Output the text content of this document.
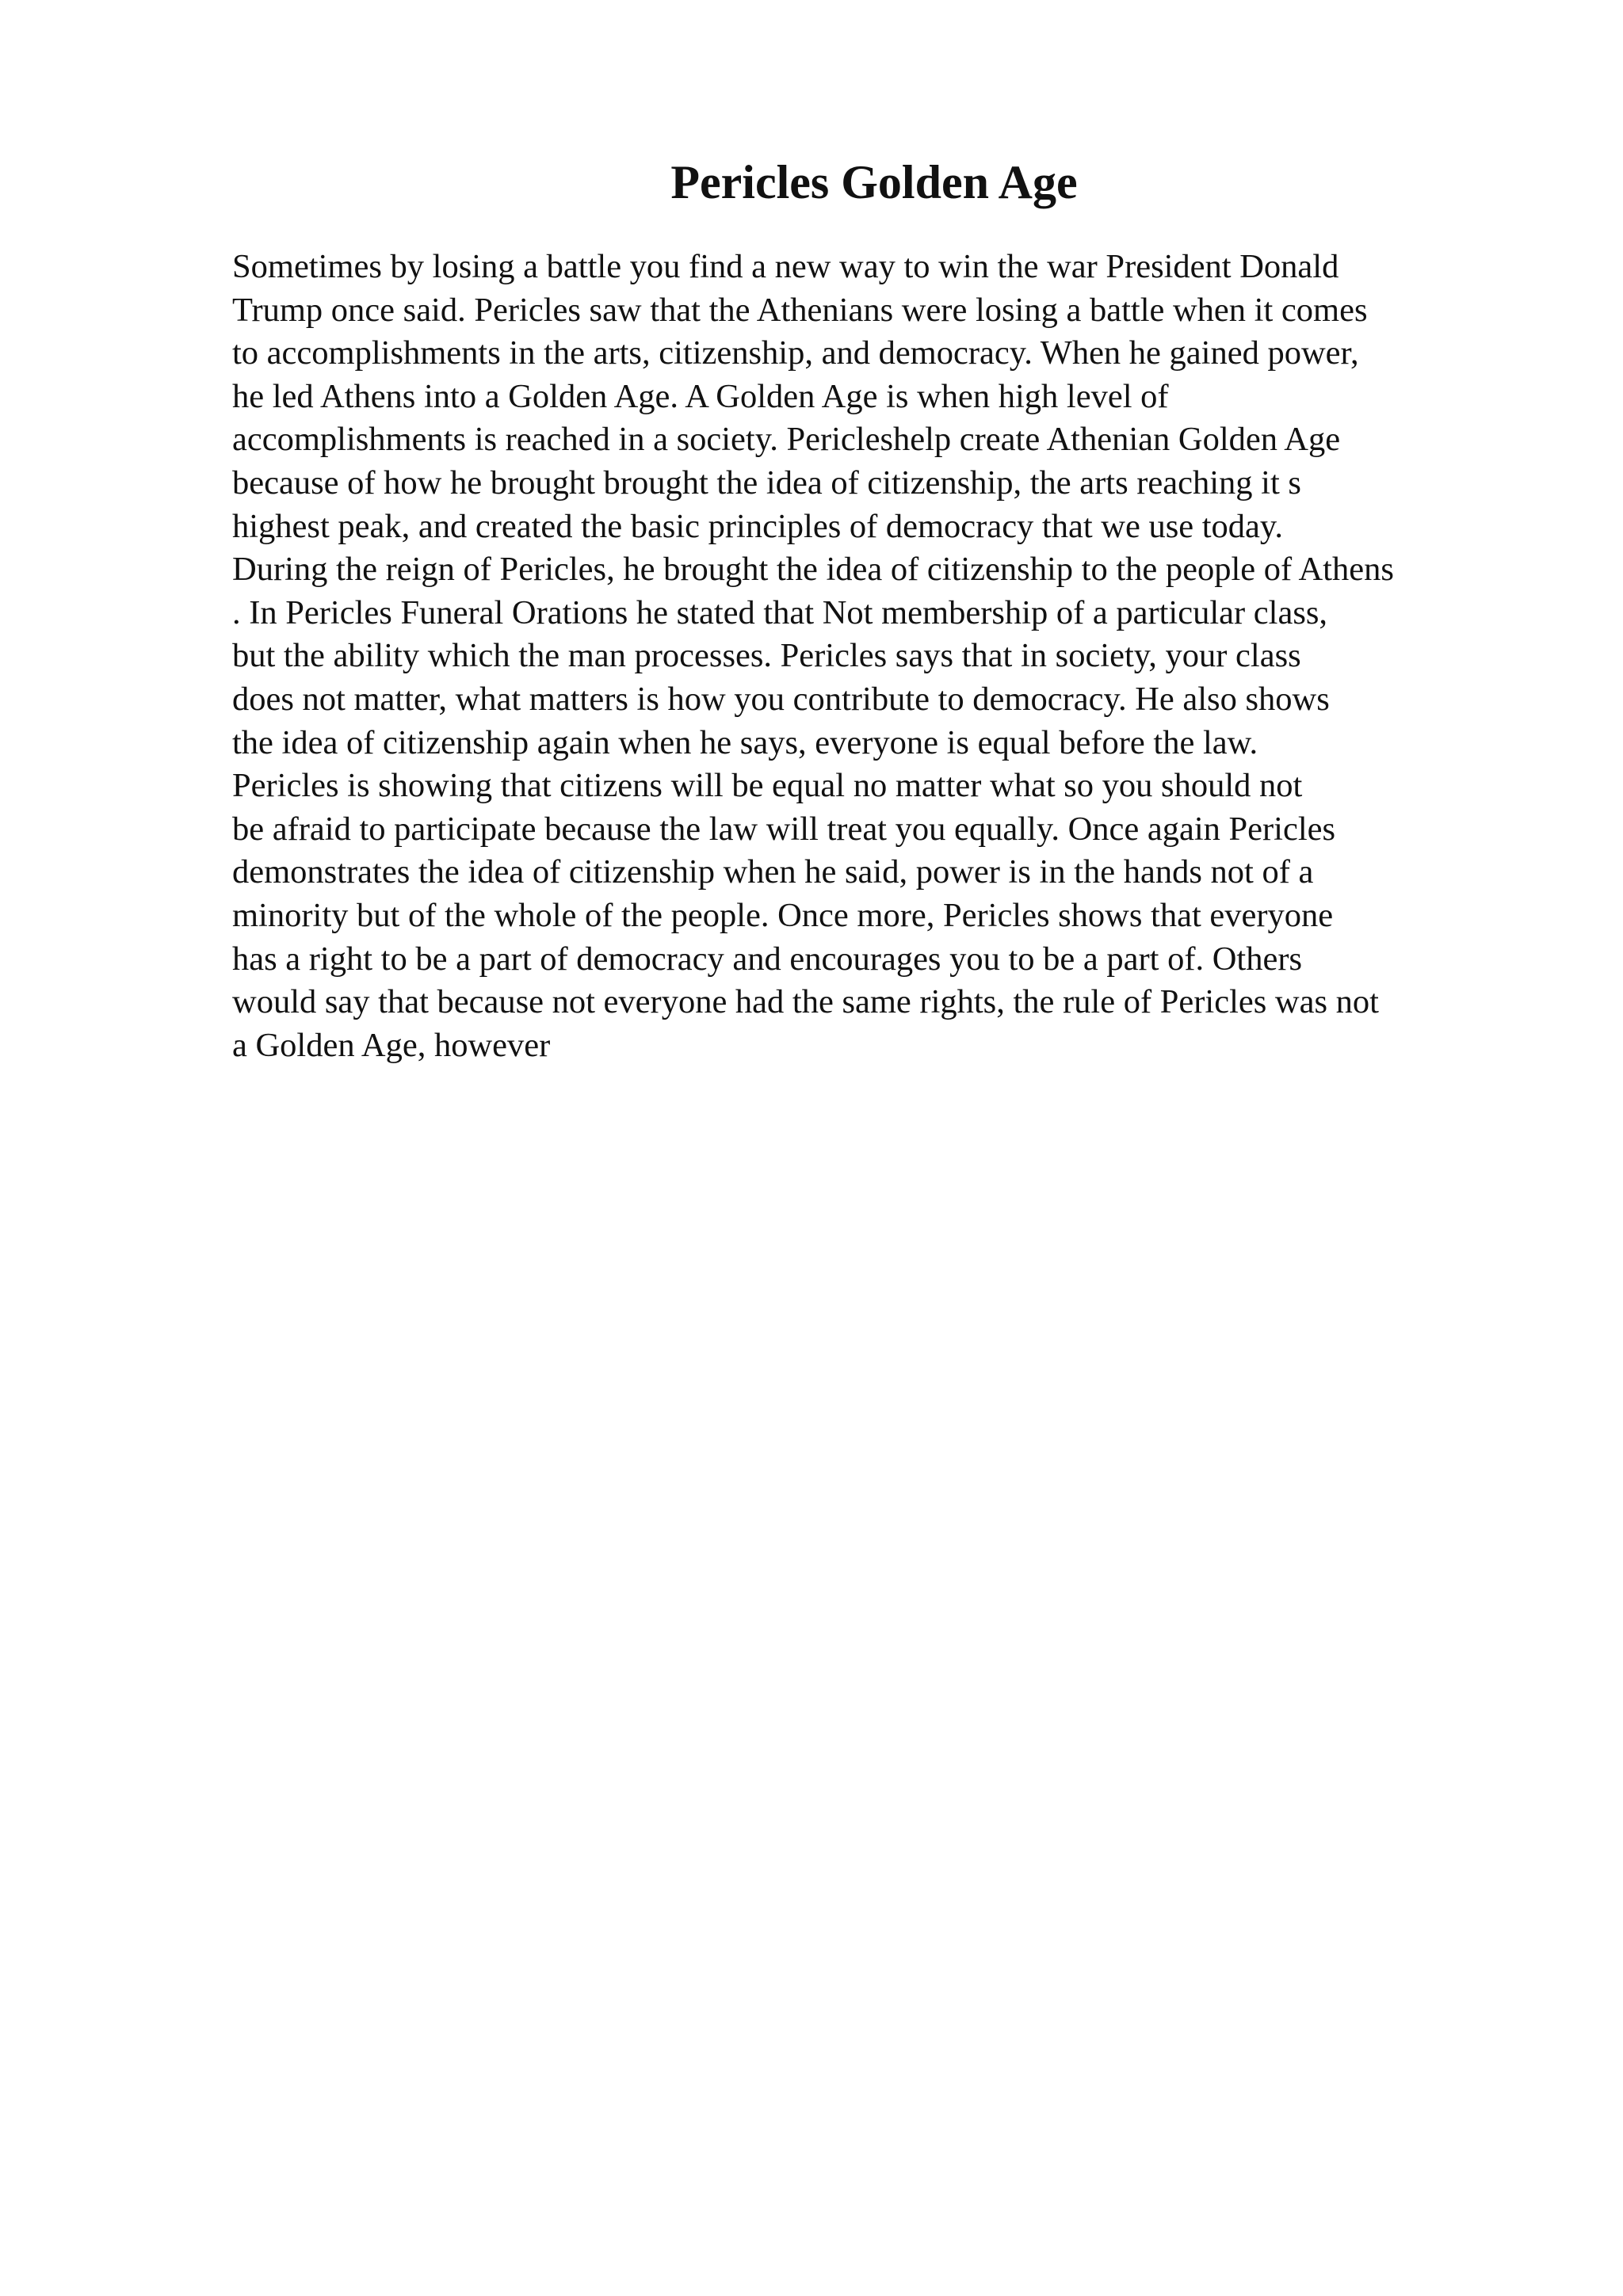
Pericles Golden Age
Sometimes by losing a battle you find a new way to win the war President Donald
Trump once said. Pericles saw that the Athenians were losing a battle when it comes
to accomplishments in the arts, citizenship, and democracy. When he gained power,
he led Athens into a Golden Age. A Golden Age is when high level of
accomplishments is reached in a society. Pericleshelp create Athenian Golden Age
because of how he brought brought the idea of citizenship, the arts reaching it s
highest peak, and created the basic principles of democracy that we use today.
During the reign of Pericles, he brought the idea of citizenship to the people of Athens
. In Pericles Funeral Orations he stated that Not membership of a particular class,
but the ability which the man processes. Pericles says that in society, your class
does not matter, what matters is how you contribute to democracy. He also shows
the idea of citizenship again when he says, everyone is equal before the law.
Pericles is showing that citizens will be equal no matter what so you should not
be afraid to participate because the law will treat you equally. Once again Pericles
demonstrates the idea of citizenship when he said, power is in the hands not of a
minority but of the whole of the people. Once more, Pericles shows that everyone
has a right to be a part of democracy and encourages you to be a part of. Others
would say that because not everyone had the same rights, the rule of Pericles was not
a Golden Age, however
